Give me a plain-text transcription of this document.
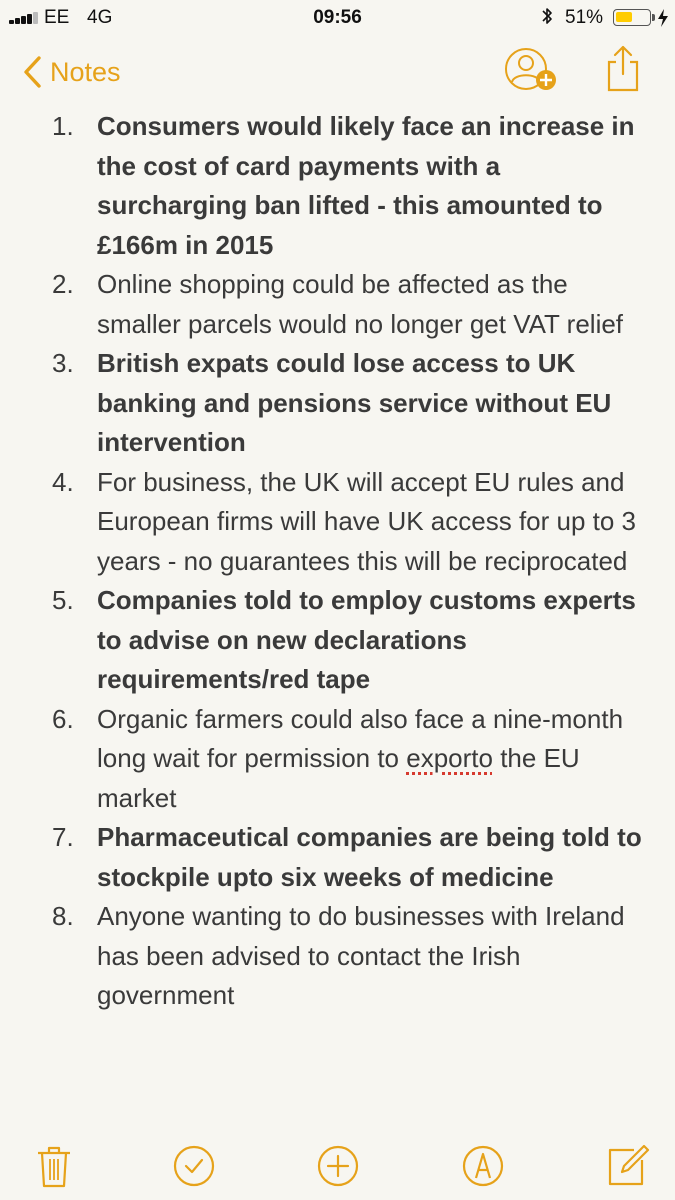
EE 4G	09:56	51%
Notes
1. Consumers would likely face an increase in the cost of card payments with a surcharging ban lifted - this amounted to £166m in 2015
2. Online shopping could be affected as the smaller parcels would no longer get VAT relief
3. British expats could lose access to UK banking and pensions service without EU intervention
4. For business, the UK will accept EU rules and European firms will have UK access for up to 3 years - no guarantees this will be reciprocated
5. Companies told to employ customs experts to advise on new declarations requirements/red tape
6. Organic farmers could also face a nine-month long wait for permission to exporto the EU market
7. Pharmaceutical companies are being told to stockpile upto six weeks of medicine
8. Anyone wanting to do businesses with Ireland has been advised to contact the Irish government
